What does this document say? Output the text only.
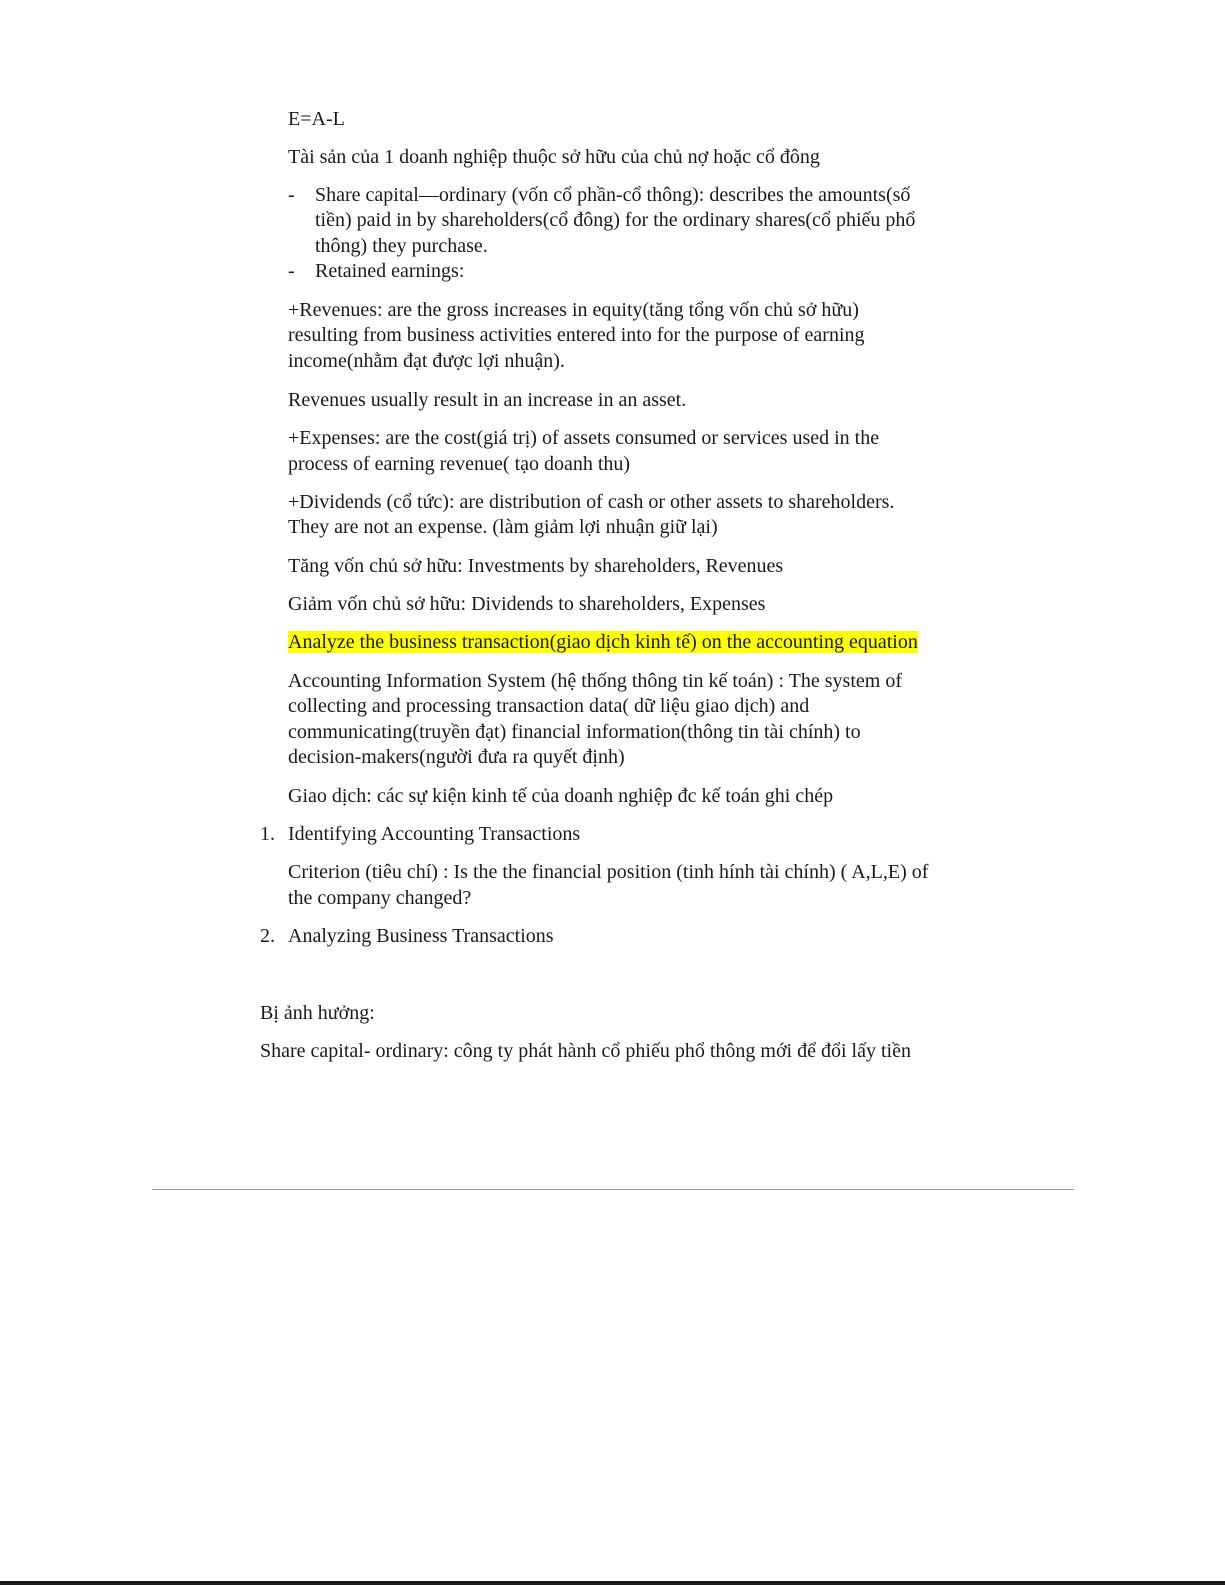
E=A-L
Tài sản của 1 doanh nghiệp thuộc sở hữu của chủ nợ hoặc cổ đông
- Share capital—ordinary (vốn cổ phần-cổ thông): describes the amounts(số
tiền) paid in by shareholders(cổ đông) for the ordinary shares(cổ phiếu phổ
thông) they purchase.
- Retained earnings:
+Revenues: are the gross increases in equity(tăng tổng vốn chủ sở hữu)
resulting from business activities entered into for the purpose of earning
income(nhằm đạt được lợi nhuận).
Revenues usually result in an increase in an asset.
+Expenses: are the cost(giá trị) of assets consumed or services used in the
process of earning revenue( tạo doanh thu)
+Dividends (cổ tức): are distribution of cash or other assets to shareholders.
They are not an expense. (làm giảm lợi nhuận giữ lại)
Tăng vốn chủ sở hữu: Investments by shareholders, Revenues
Giảm vốn chủ sở hữu: Dividends to shareholders, Expenses
Analyze the business transaction(giao dịch kinh tế) on the accounting equation
Accounting Information System (hệ thống thông tin kế toán) : The system of
collecting and processing transaction data( dữ liệu giao dịch) and
communicating(truyền đạt) financial information(thông tin tài chính) to
decision-makers(người đưa ra quyết định)
Giao dịch: các sự kiện kinh tế của doanh nghiệp đc kế toán ghi chép
1. Identifying Accounting Transactions
Criterion (tiêu chí) : Is the the financial position (tinh hính tài chính) ( A,L,E) of
the company changed?
2. Analyzing Business Transactions
Bị ảnh hưởng:
Share capital- ordinary: công ty phát hành cổ phiếu phổ thông mới để đổi lấy tiền
